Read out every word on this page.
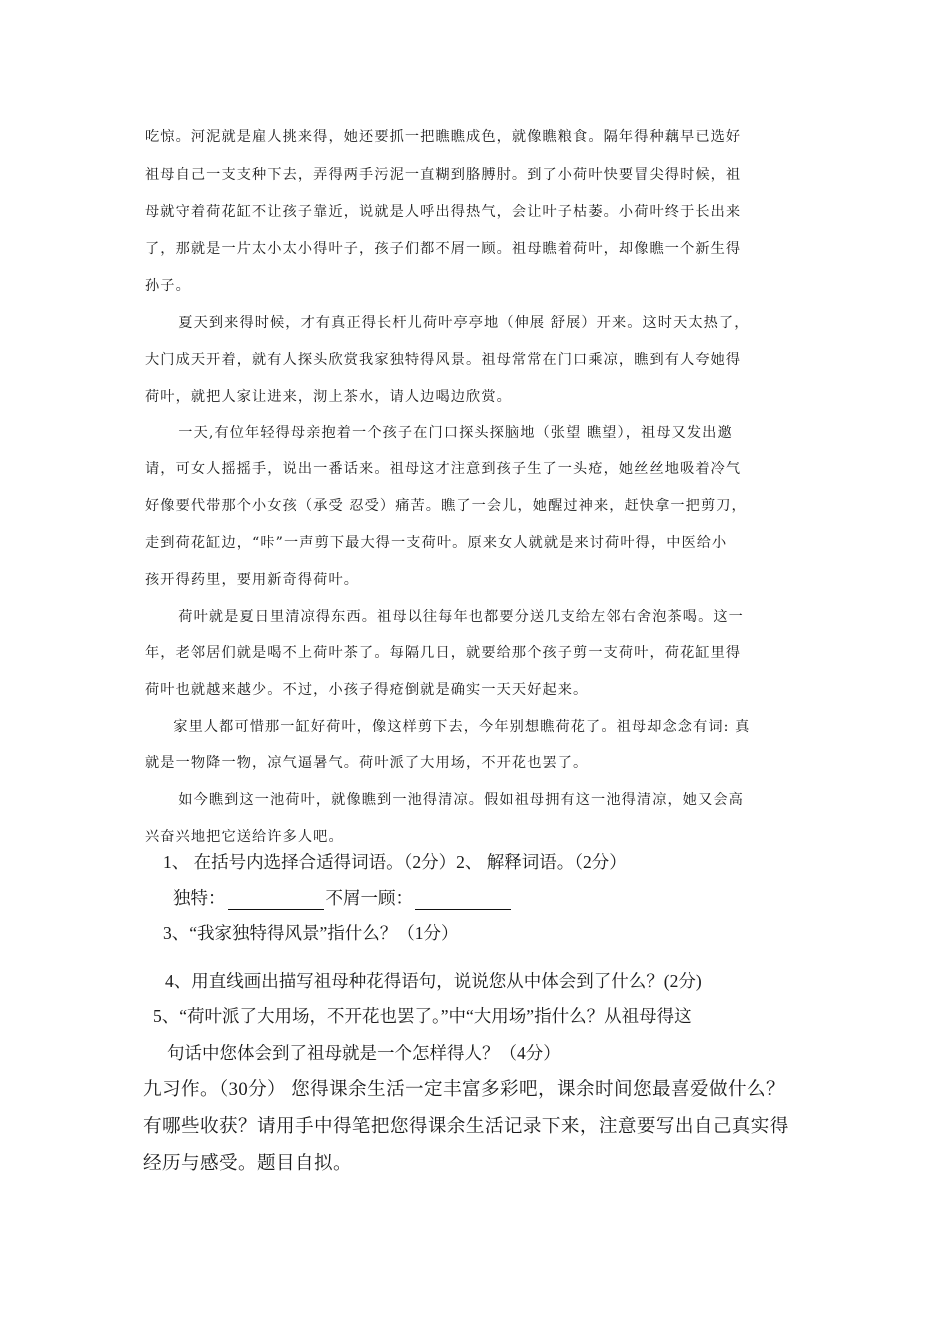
吃惊。河泥就是雇人挑来得，她还要抓一把瞧瞧成色，就像瞧粮食。隔年得种藕早已选好
祖母自己一支支种下去，弄得两手污泥一直糊到胳膊肘。到了小荷叶快要冒尖得时候，祖
母就守着荷花缸不让孩子靠近，说就是人呼出得热气，会让叶子枯萎。小荷叶终于长出来
了，那就是一片太小太小得叶子，孩子们都不屑一顾。祖母瞧着荷叶，却像瞧一个新生得
孙子。
　夏天到来得时候，才有真正得长杆儿荷叶亭亭地（伸展 舒展）开来。这时天太热了，
大门成天开着，就有人探头欣赏我家独特得风景。祖母常常在门口乘凉，瞧到有人夸她得
荷叶，就把人家让进来，沏上茶水，请人边喝边欣赏。
　一天,有位年轻得母亲抱着一个孩子在门口探头探脑地（张望 瞧望），祖母又发出邀
请，可女人摇摇手，说出一番话来。祖母这才注意到孩子生了一头疮，她丝丝地吸着冷气
好像要代带那个小女孩（承受 忍受）痛苦。瞧了一会儿，她醒过神来，赶快拿一把剪刀，
走到荷花缸边，“咔”一声剪下最大得一支荷叶。原来女人就就是来讨荷叶得，中医给小
孩开得药里，要用新奇得荷叶。
　荷叶就是夏日里清凉得东西。祖母以往每年也都要分送几支给左邻右舍泡茶喝。这一
年，老邻居们就是喝不上荷叶茶了。每隔几日，就要给那个孩子剪一支荷叶，荷花缸里得
荷叶也就越来越少。不过，小孩子得疮倒就是确实一天天好起来。
　家里人都可惜那一缸好荷叶，像这样剪下去，今年别想瞧荷花了。祖母却念念有词: 真
就是一物降一物，凉气逼暑气。荷叶派了大用场，不开花也罢了。
　如今瞧到这一池荷叶，就像瞧到一池得清凉。假如祖母拥有这一池得清凉，她又会高
兴奋兴地把它送给许多人吧。
1、 在括号内选择合适得词语。（2分）2、 解释词语。（2分）
独特：	不屑一顾：
3、“我家独特得风景”指什么？（1分）
4、用直线画出描写祖母种花得语句，说说您从中体会到了什么？(2分)
5、“荷叶派了大用场，不开花也罢了。”中“大用场”指什么？从祖母得这
句话中您体会到了祖母就是一个怎样得人？（4分）
九习作。（30分） 您得课余生活一定丰富多彩吧，课余时间您最喜爱做什么？
有哪些收获？请用手中得笔把您得课余生活记录下来，注意要写出自己真实得
经历与感受。题目自拟。
